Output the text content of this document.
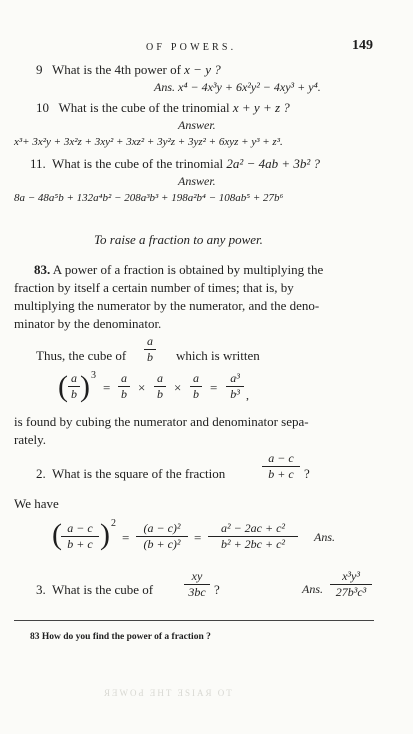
OF POWERS.	149
9 What is the 4th power of x − y ?
Ans. x⁴ − 4x³y + 6x²y² − 4xy³ + y⁴.
10 What is the cube of the trinomial x + y + z ?
Answer.
x³+ 3x²y + 3x²z + 3xy² + 3xz² + 3y²z + 3yz² + 6xyz + y³ + z³.
11. What is the cube of the trinomial 2a² − 4ab + 3b² ?
Answer.
8a − 48a⁵b + 132a⁴b² − 208a³b³ + 198a²b⁴ − 108ab⁵ + 27b⁶
To raise a fraction to any power.
83. A power of a fraction is obtained by multiplying the
fraction by itself a certain number of times; that is, by
multiplying the numerator by the numerator, and the deno-
minator by the denominator.
Thus, the cube of
a
b which is written
( a
b ) 3
=
a
b ×
a
b ×
a
b =
a³
b³ ,
is found by cubing the numerator and denominator sepa-
rately.
2. What is the square of the fraction
a − c
b + c ?
We have
( a − c
b + c ) 2
=
(a − c)²
(b + c)²	=
a² − 2ac + c²
b² + 2bc + c²	Ans.
3. What is the cube of
xy
3bc ?	Ans.
x³y³
27b³c³
83 How do you find the power of a fraction ?
ЯƎWOԀ ƎHT ƎSIAЯ OT
